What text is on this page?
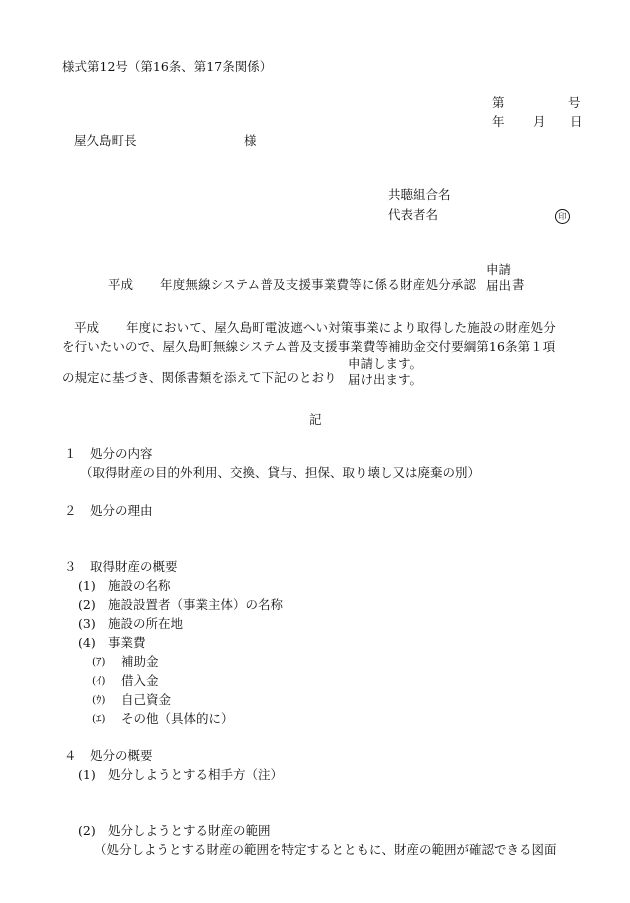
様式第12号（第16条、第17条関係）
第	号
年 月 日
屋久島町長	様
共聴組合名
代表者名	印
平成 年度無線システム普及支援事業費等に係る財産処分承認
申請
届出 書
平成 年度において、屋久島町電波遮へい対策事業により取得した施設の財産処分
を行いたいので、屋久島町無線システム普及支援事業費等補助金交付要綱第16条第１項
の規定に基づき、関係書類を添えて下記のとおり
申請します。
届け出ます。
記
１ 処分の内容
（取得財産の目的外利用、交換、貸与、担保、取り壊し又は廃棄の別）
２ 処分の理由
３ 取得財産の概要
(1) 施設の名称
(2) 施設設置者（事業主体）の名称
(3) 施設の所在地
(4) 事業費
(ｱ) 補助金
(ｲ) 借入金
(ｳ) 自己資金
(ｴ) その他（具体的に）
４ 処分の概要
(1) 処分しようとする相手方（注）
(2) 処分しようとする財産の範囲
（処分しようとする財産の範囲を特定するとともに、財産の範囲が確認できる図面
